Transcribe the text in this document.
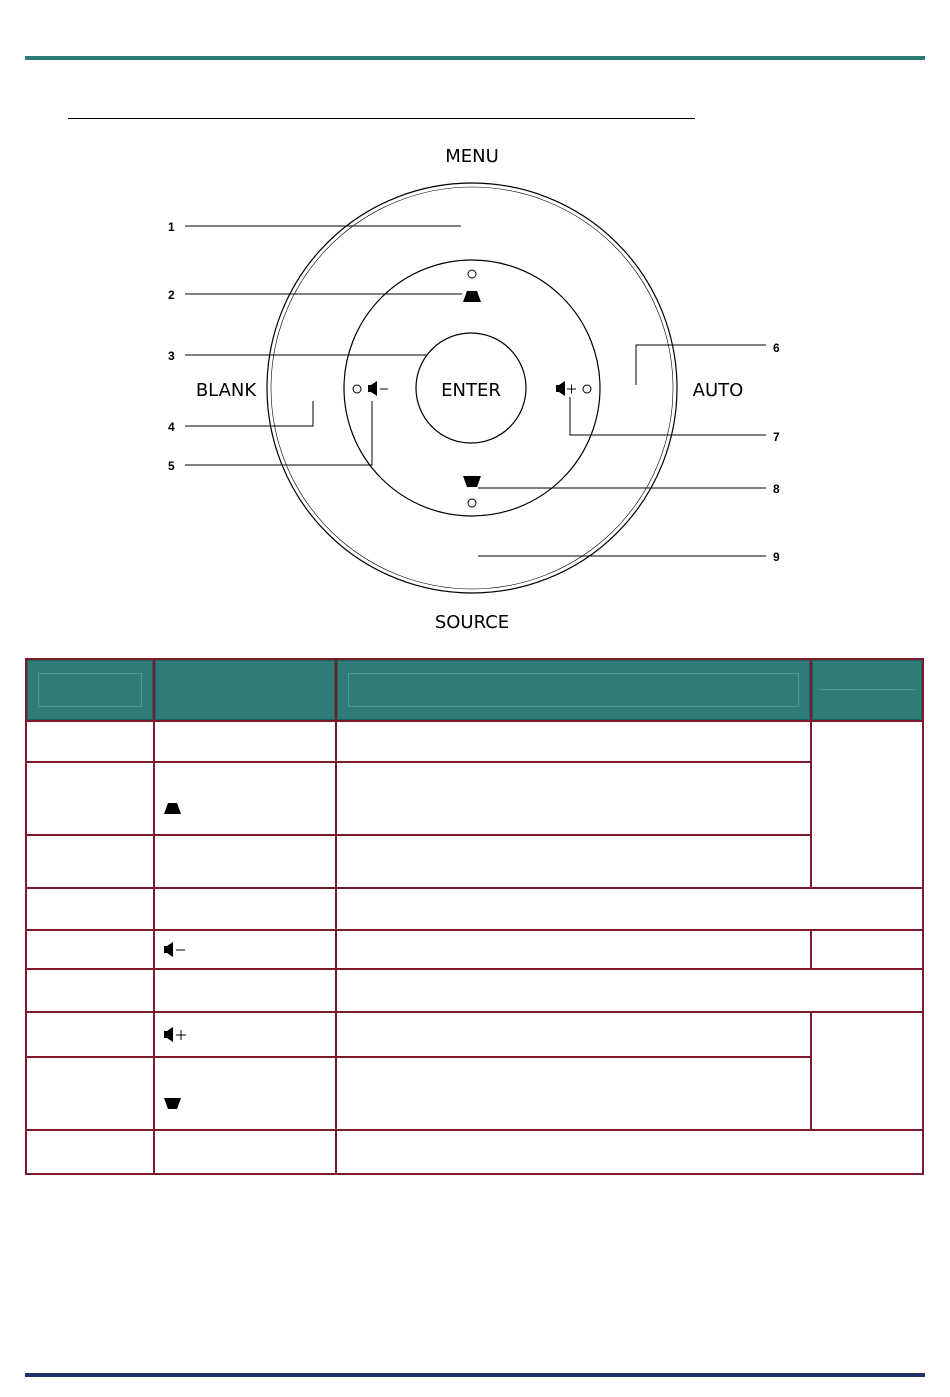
MENU
SOURCE
BLANK	AUTO
ENTER
1
2
3
4
5
6
7
8
9
